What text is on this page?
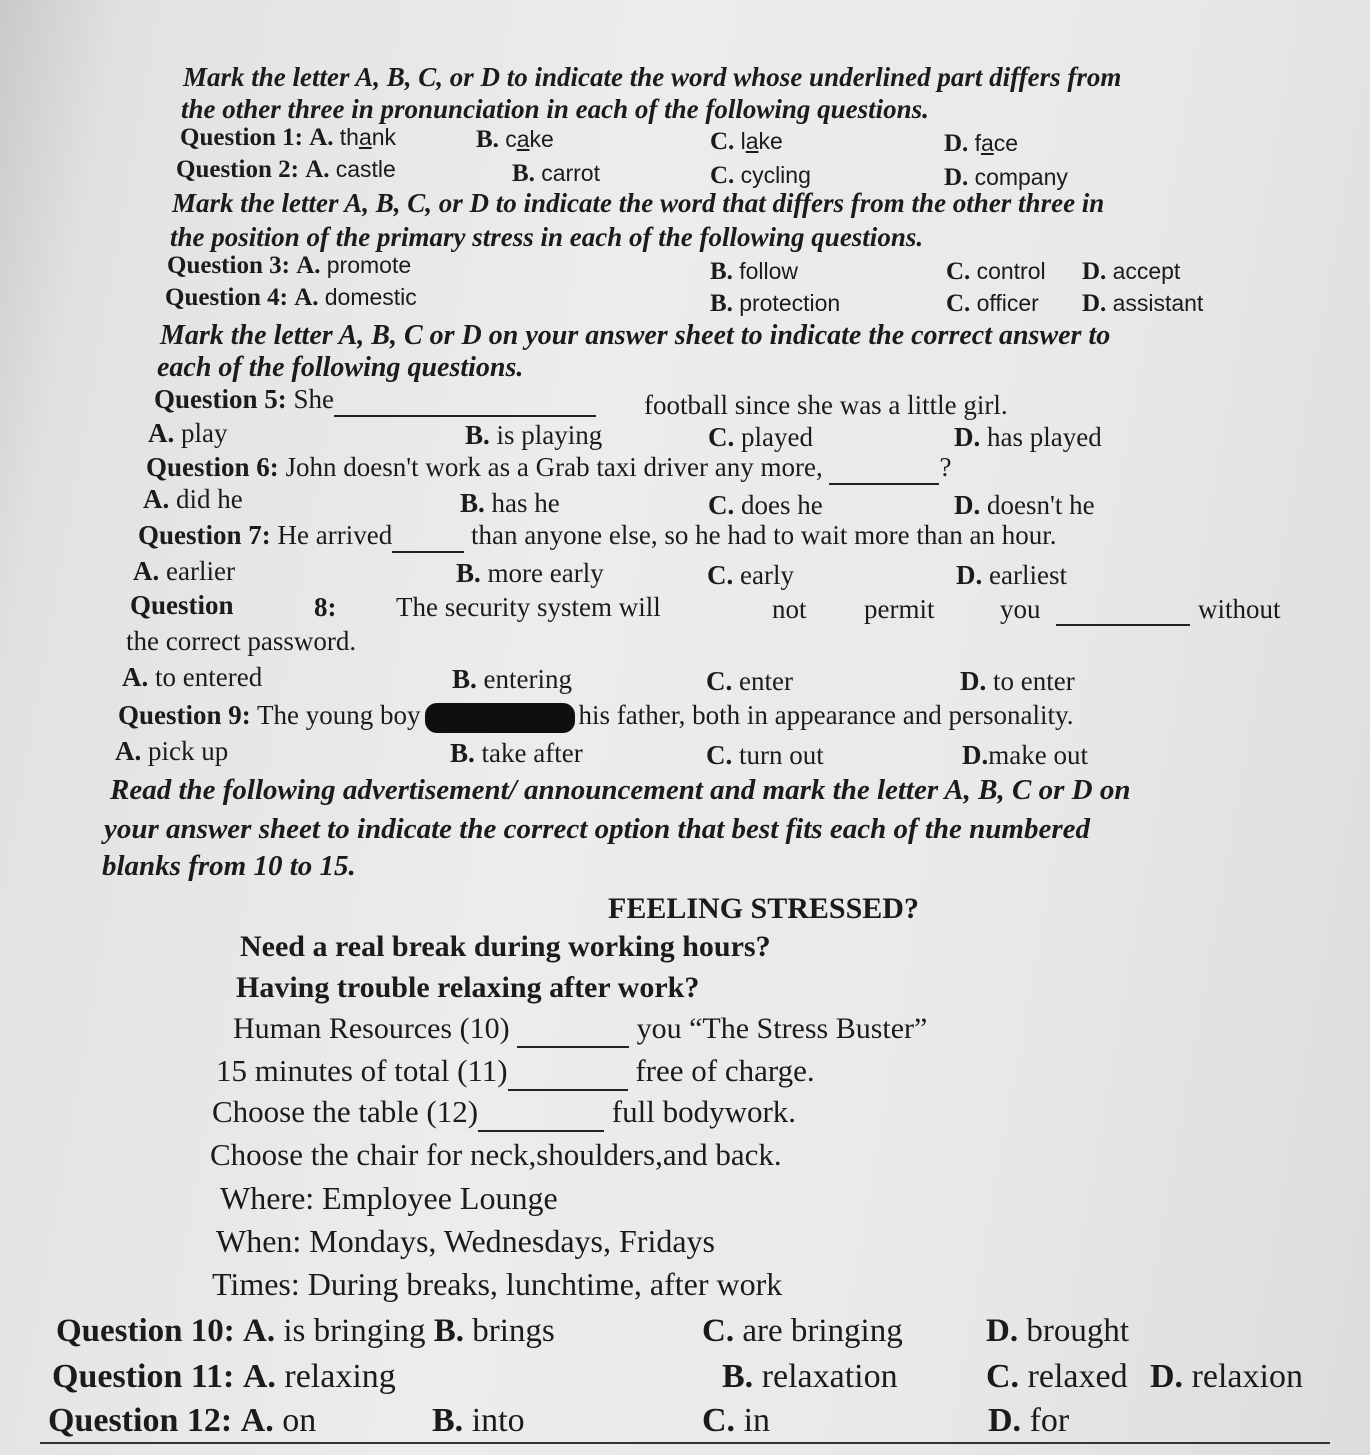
Mark the letter A, B, C, or D to indicate the word whose underlined part differs from
the other three in pronunciation in each of the following questions.
Question 1: A. thank	B. cake	C. lake	D. face
Question 2: A. castle	B. carrot	C. cycling	D. company
Mark the letter A, B, C, or D to indicate the word that differs from the other three in
the position of the primary stress in each of the following questions.
Question 3: A. promote	B. follow	C. control D. accept
Question 4: A. domestic	B. protection	C. officer D. assistant
Mark the letter A, B, C or D on your answer sheet to indicate the correct answer to
each of the following questions.
Question 5: She	football since she was a little girl.
A. play	B. is playing	C. played	D. has played
Question 6: John doesn't work as a Grab taxi driver any more,	?
A. did he	B. has he	C. does he	D. doesn't he
Question 7: He arrived	than anyone else, so he had to wait more than an hour.
A. earlier	B. more early	C. early	D. earliest
Question	8: The security system will	not permit you	without
the correct password.
A. to entered	B. entering	C. enter	D. to enter
Question 9: The young boy	his father, both in appearance and personality.
A. pick up	B. take after	C. turn out	D.make out
Read the following advertisement/ announcement and mark the letter A, B, C or D on
your answer sheet to indicate the correct option that best fits each of the numbered
blanks from 10 to 15.
FEELING STRESSED?
Need a real break during working hours?
Having trouble relaxing after work?
Human Resources (10)	you “The Stress Buster”
15 minutes of total (11)	free of charge.
Choose the table (12)	full bodywork.
Choose the chair for neck,shoulders,and back.
Where: Employee Lounge
When: Mondays, Wednesdays, Fridays
Times: During breaks, lunchtime, after work
Question 10: A. is bringing B. brings	C. are bringing	D. brought
Question 11: A. relaxing	B. relaxation	C. relaxed D. relaxion
Question 12: A. on	B. into	C. in	D. for
